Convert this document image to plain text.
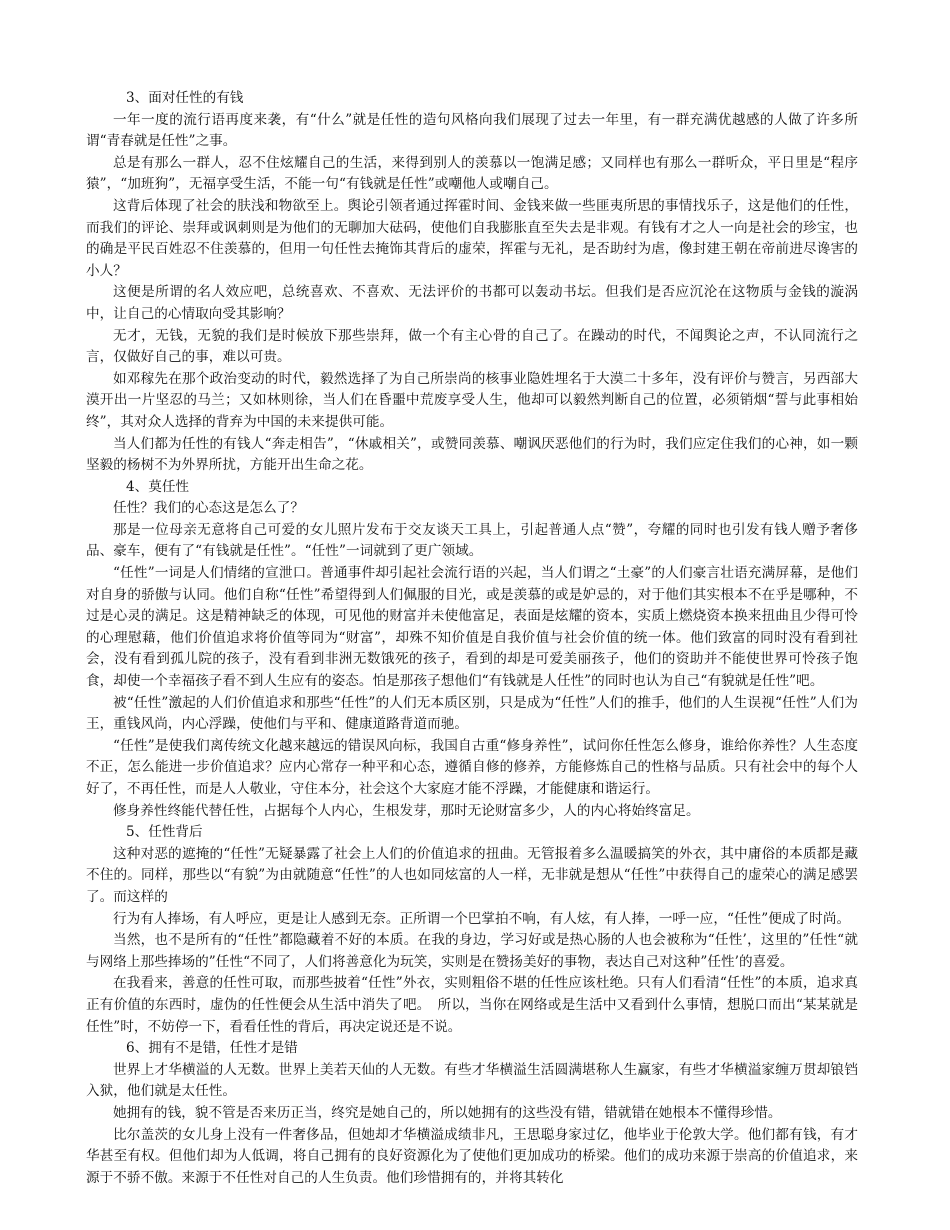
3、面对任性的有钱

一年一度的流行语再度来袭，有“什么”就是任性的造句风格向我们展现了过去一年里，有一群充满优越感的人做了许多所谓“青春就是任性”之事。

总是有那么一群人，忍不住炫耀自己的生活，来得到别人的羡慕以一饱满足感；又同样也有那么一群听众，平日里是“程序猿”，“加班狗”，无福享受生活，不能一句“有钱就是任性”或嘲他人或嘲自己。

这背后体现了社会的肤浅和物欲至上。舆论引领者通过挥霍时间、金钱来做一些匪夷所思的事情找乐子，这是他们的任性，而我们的评论、崇拜或讽刺则是为他们的无聊加大砝码，使他们自我膨胀直至失去是非观。有钱有才之人一向是社会的珍宝，也的确是平民百姓忍不住羡慕的，但用一句任性去掩饰其背后的虚荣，挥霍与无礼，是否助纣为虐，像封建王朝在帝前进尽谗害的小人？

这便是所谓的名人效应吧，总统喜欢、不喜欢、无法评价的书都可以轰动书坛。但我们是否应沉沦在这物质与金钱的漩涡中，让自己的心情取向受其影响？

无才，无钱，无貌的我们是时候放下那些崇拜，做一个有主心骨的自己了。在躁动的时代，不闻舆论之声，不认同流行之言，仅做好自己的事，难以可贵。

如邓稼先在那个政治变动的时代，毅然选择了为自己所崇尚的核事业隐姓埋名于大漠二十多年，没有评价与赞言，另西部大漠开出一片坚忍的马兰；又如林则徐，当人们在昏噩中荒废享受人生，他却可以毅然判断自己的位置，必须销烟“誓与此事相始终”，其对众人选择的背弃为中国的未来提供可能。

当人们都为任性的有钱人“奔走相告”，“休戚相关”，或赞同羡慕、嘲讽厌恶他们的行为时，我们应定住我们的心神，如一颗坚毅的杨树不为外界所扰，方能开出生命之花。

4、莫任性

任性？我们的心态这是怎么了？

那是一位母亲无意将自己可爱的女儿照片发布于交友谈天工具上，引起普通人点“赞”，夸耀的同时也引发有钱人赠予奢侈品、豪车，便有了“有钱就是任性”。“任性”一词就到了更广领域。

“任性”一词是人们情绪的宣泄口。普通事件却引起社会流行语的兴起，当人们谓之“土豪”的人们豪言壮语充满屏幕，是他们对自身的骄傲与认同。他们自称“任性”希望得到人们佩服的目光，或是羡慕的或是妒忌的，对于他们其实根本不在乎是哪种，不过是心灵的满足。这是精神缺乏的体现，可见他的财富并未使他富足，表面是炫耀的资本，实质上燃烧资本换来扭曲且少得可怜的心理慰藉，他们价值追求将价值等同为“财富”，却殊不知价值是自我价值与社会价值的统一体。他们致富的同时没有看到社会，没有看到孤儿院的孩子，没有看到非洲无数饿死的孩子，看到的却是可爱美丽孩子，他们的资助并不能使世界可怜孩子饱食，却使一个幸福孩子看不到人生应有的姿态。怕是那孩子想他们“有钱就是人任性”的同时也认为自己“有貌就是任性”吧。

被“任性”激起的人们价值追求和那些“任性”的人们无本质区别，只是成为“任性”人们的推手，他们的人生误视“任性”人们为王，重钱风尚，内心浮躁，使他们与平和、健康道路背道而驰。

“任性”是使我们离传统文化越来越远的错误风向标，我国自古重“修身养性”，试问你任性怎么修身，谁给你养性？人生态度不正，怎么能进一步价值追求？应内心常存一种平和心态，遵循自修的修养，方能修炼自己的性格与品质。只有社会中的每个人好了，不再任性，而是人人敬业，守住本分，社会这个大家庭才能不浮躁，才能健康和谐运行。

修身养性终能代替任性，占据每个人内心，生根发芽，那时无论财富多少，人的内心将始终富足。

5、任性背后

这种对恶的遮掩的“任性”无疑暴露了社会上人们的价值追求的扭曲。无管报着多么温暖搞笑的外衣，其中庸俗的本质都是藏不住的。同样，那些以“有貌”为由就随意“任性”的人也如同炫富的人一样，无非就是想从“任性”中获得自己的虚荣心的满足感罢了。而这样的

行为有人捧场，有人呼应，更是让人感到无奈。正所谓一个巴掌拍不响，有人炫，有人捧，一呼一应，“任性”便成了时尚。

当然，也不是所有的“任性”都隐藏着不好的本质。在我的身边，学习好或是热心肠的人也会被称为“任性’，这里的”任性“就与网络上那些捧场的”任性“不同了，人们将善意化为玩笑，实则是在赞扬美好的事物，表达自己对这种”任性’的喜爱。

在我看来，善意的任性可取，而那些披着“任性”外衣，实则粗俗不堪的任性应该杜绝。只有人们看清“任性”的本质，追求真正有价值的东西时，虚伪的任性便会从生活中消失了吧。　所以，当你在网络或是生活中又看到什么事情，想脱口而出“某某就是任性”时，不妨停一下，看看任性的背后，再决定说还是不说。

6、拥有不是错，任性才是错

世界上才华横溢的人无数。世界上美若天仙的人无数。有些才华横溢生活圆满堪称人生赢家，有些才华横溢家缠万贯却锒铛入狱，他们就是太任性。

她拥有的钱，貌不管是否来历正当，终究是她自己的，所以她拥有的这些没有错，错就错在她根本不懂得珍惜。

比尔盖茨的女儿身上没有一件奢侈品，但她却才华横溢成绩非凡，王思聪身家过亿，他毕业于伦敦大学。他们都有钱，有才华甚至有权。但他们却为人低调，将自己拥有的良好资源化为了使他们更加成功的桥梁。他们的成功来源于崇高的价值追求，来源于不骄不傲。来源于不任性对自己的人生负责。他们珍惜拥有的，并将其转化
